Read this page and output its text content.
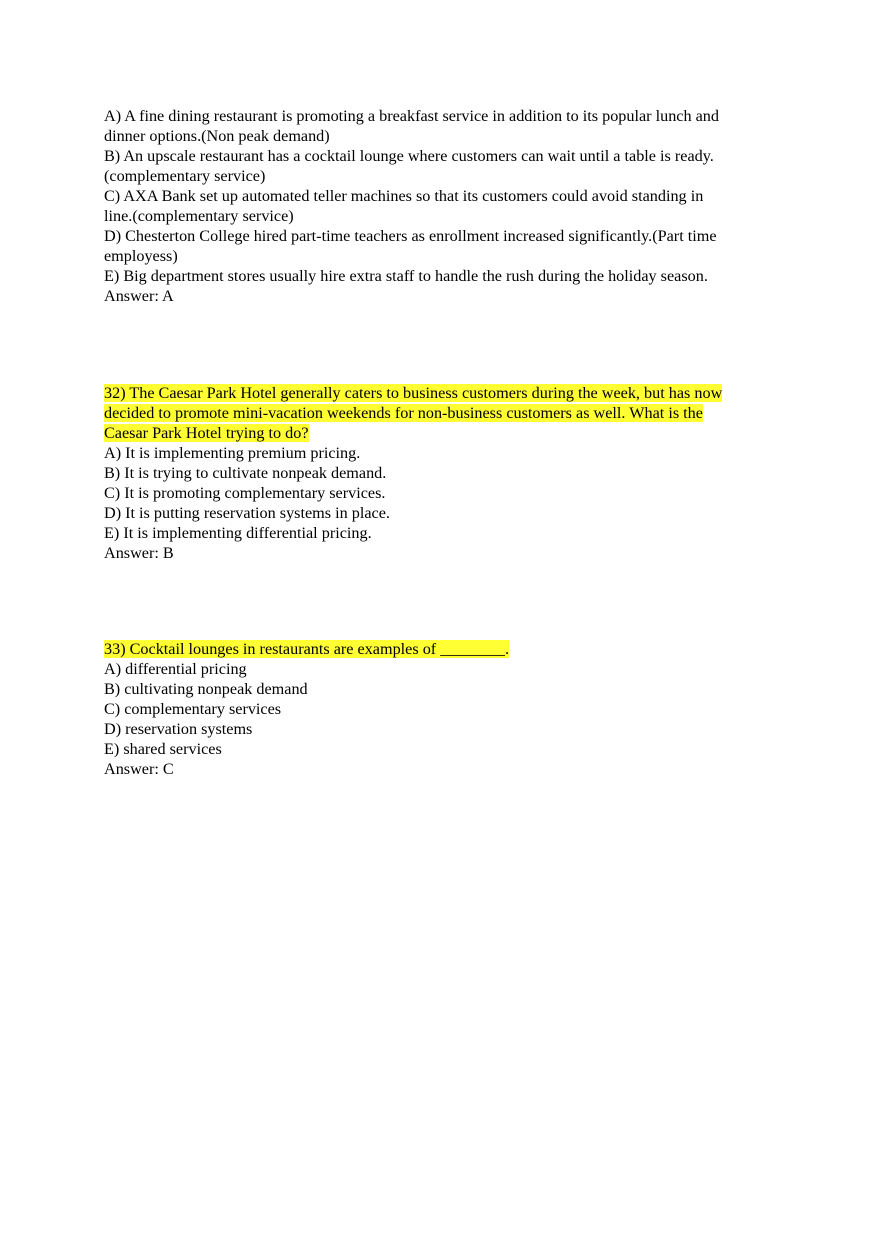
A) A fine dining restaurant is promoting a breakfast service in addition to its popular lunch and
dinner options.(Non peak demand)
B) An upscale restaurant has a cocktail lounge where customers can wait until a table is ready.
(complementary service)
C) AXA Bank set up automated teller machines so that its customers could avoid standing in
line.(complementary service)
D) Chesterton College hired part-time teachers as enrollment increased significantly.(Part time
employess)
E) Big department stores usually hire extra staff to handle the rush during the holiday season.
Answer: A
32) The Caesar Park Hotel generally caters to business customers during the week, but has now
decided to promote mini-vacation weekends for non-business customers as well. What is the
Caesar Park Hotel trying to do?
A) It is implementing premium pricing.
B) It is trying to cultivate nonpeak demand.
C) It is promoting complementary services.
D) It is putting reservation systems in place.
E) It is implementing differential pricing.
Answer: B
33) Cocktail lounges in restaurants are examples of ________.
A) differential pricing
B) cultivating nonpeak demand
C) complementary services
D) reservation systems
E) shared services
Answer: C
